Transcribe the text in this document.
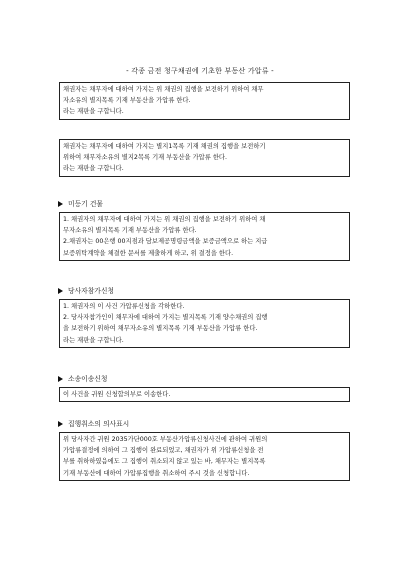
- 각종 금전 청구채권에 기초한 부동산 가압류 -
채권자는 채무자에 대하여 가지는 위 채권의 집행을 보전하기 위하여 채무
자소유의 별지목록 기재 부동산을 가압류 한다.
라는 재판을 구합니다.
채권자는 채무자에 대하여 가지는 별지1목록 기재 채권의 집행을 보전하기
위하여 채무자소유의 별지2목록 기재 부동산을 가압류 한다.
라는 재판을 구합니다.
미등기 건물
1. 채권자의 채무자에 대하여 가지는 위 채권의 집행을 보전하기 위하여 채
무자소유의 별지목록 기재 부동산을 가압류 한다.
2.채권자는 00은행 00지점과 담보제공명령금액을 보증금액으로 하는 지급
보증위탁계약을 체결한 문서를 제출하게 하고, 위 결정을 한다.
당사자참가신청
1. 채권자의 이 사건 가압류신청을 각하한다.
2. 당사자참가인이 채무자에 대하여 가지는 별지목록 기재 양수채권의 집행
을 보전하기 위하여 채무자소유의 별지목록 기재 부동산을 가압류 한다.
라는 재판을 구합니다.
소송이송신청
이 사건을 귀원 신청합의부로 이송한다.
집행취소의 의사표시
위 당사자간 귀원 2035가단000호 부동산가압류신청사건에 관하여 귀원의
가압류결정에 의하여 그 집행이 완료되었고, 채권자가 위 가압류신청을 전
부를 취하하였음에도 그 집행이 취소되지 않고 있는 바, 채무자는 별지목록
기재 부동산에 대하여 가압류집행을 취소하여 주시 것을 신청합니다.
